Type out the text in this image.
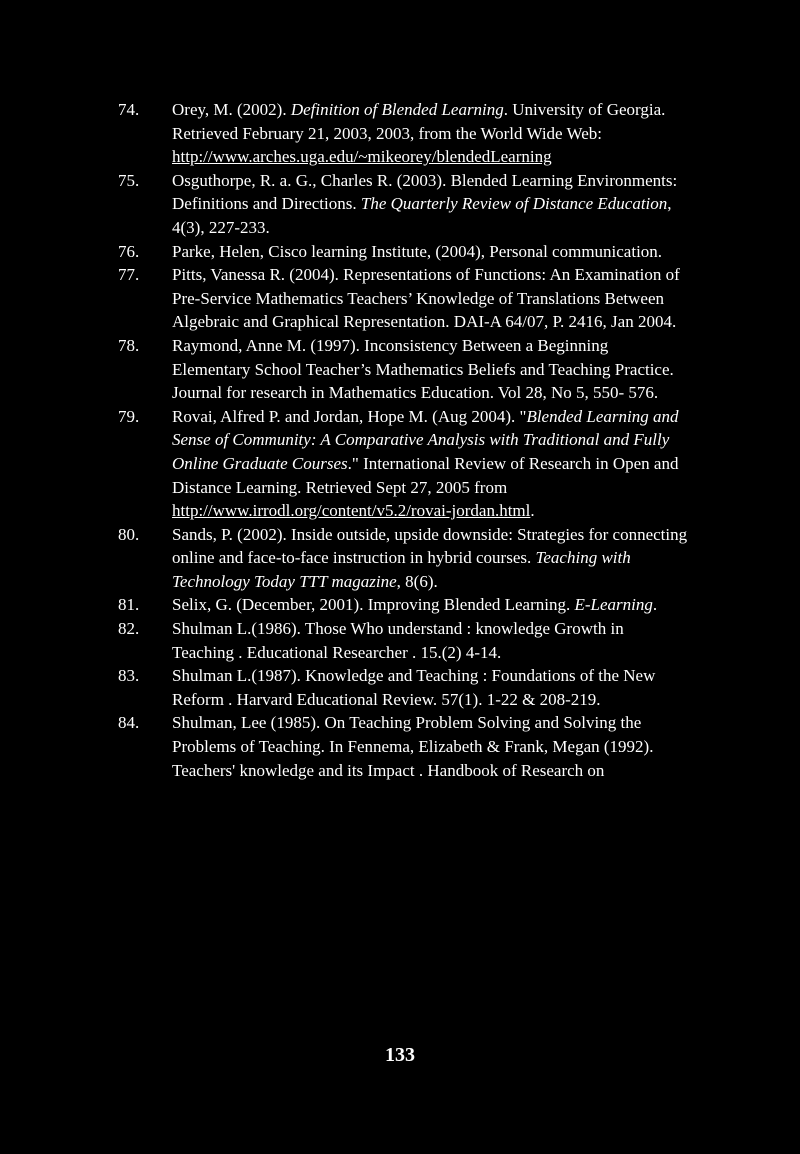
74. Orey, M. (2002). Definition of Blended Learning. University of Georgia. Retrieved February 21, 2003, 2003, from the World Wide Web: http://www.arches.uga.edu/~mikeorey/blendedLearning
75. Osguthorpe, R. a. G., Charles R. (2003). Blended Learning Environments: Definitions and Directions. The Quarterly Review of Distance Education, 4(3), 227-233.
76. Parke, Helen, Cisco learning Institute, (2004), Personal communication.
77. Pitts, Vanessa R. (2004). Representations of Functions: An Examination of Pre-Service Mathematics Teachers’ Knowledge of Translations Between Algebraic and Graphical Representation. DAI-A 64/07, P. 2416, Jan 2004.
78. Raymond, Anne M. (1997). Inconsistency Between a Beginning Elementary School Teacher’s Mathematics Beliefs and Teaching Practice. Journal for research in Mathematics Education. Vol 28, No 5, 550- 576.
79. Rovai, Alfred P. and Jordan, Hope M. (Aug 2004). "Blended Learning and Sense of Community: A Comparative Analysis with Traditional and Fully Online Graduate Courses." International Review of Research in Open and Distance Learning. Retrieved Sept 27, 2005 from http://www.irrodl.org/content/v5.2/rovai-jordan.html.
80. Sands, P. (2002). Inside outside, upside downside: Strategies for connecting online and face-to-face instruction in hybrid courses. Teaching with Technology Today TTT magazine, 8(6).
81. Selix, G. (December, 2001). Improving Blended Learning. E-Learning.
82. Shulman L.(1986). Those Who understand : knowledge Growth in Teaching . Educational Researcher . 15.(2) 4-14.
83. Shulman L.(1987). Knowledge and Teaching : Foundations of the New Reform . Harvard Educational Review. 57(1). 1-22 & 208-219.
84. Shulman, Lee (1985). On Teaching Problem Solving and Solving the Problems of Teaching. In Fennema, Elizabeth & Frank, Megan (1992). Teachers' knowledge and its Impact . Handbook of Research on
133
